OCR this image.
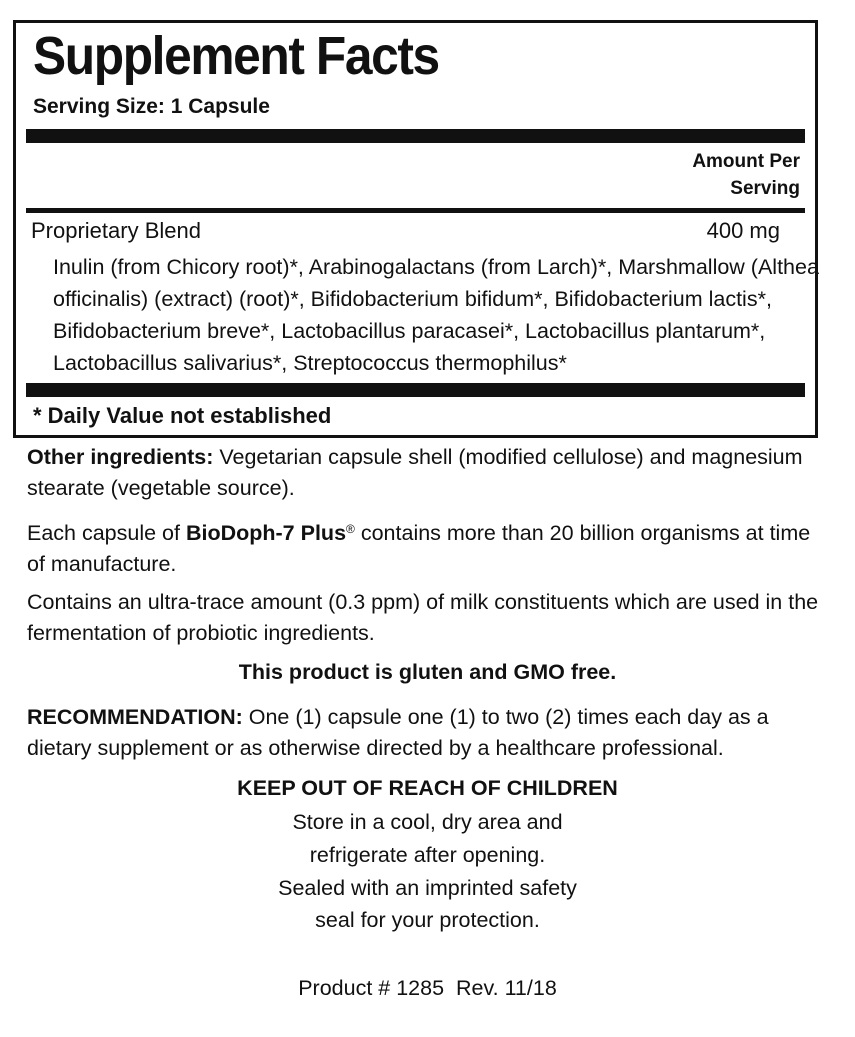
Supplement Facts
Serving Size: 1 Capsule
Amount Per
Serving
Proprietary Blend	400 mg
Inulin (from Chicory root)*, Arabinogalactans (from Larch)*, Marshmallow (Althea officinalis) (extract) (root)*, Bifidobacterium bifidum*, Bifidobacterium lactis*, Bifidobacterium breve*, Lactobacillus paracasei*, Lactobacillus plantarum*, Lactobacillus salivarius*, Streptococcus thermophilus*
* Daily Value not established

Other ingredients: Vegetarian capsule shell (modified cellulose) and magnesium stearate (vegetable source).

Each capsule of BioDoph-7 Plus® contains more than 20 billion organisms at time of manufacture.

Contains an ultra-trace amount (0.3 ppm) of milk constituents which are used in the fermentation of probiotic ingredients.

This product is gluten and GMO free.

RECOMMENDATION: One (1) capsule one (1) to two (2) times each day as a dietary supplement or as otherwise directed by a healthcare professional.

KEEP OUT OF REACH OF CHILDREN
Store in a cool, dry area and
refrigerate after opening.
Sealed with an imprinted safety
seal for your protection.
Product # 1285  Rev. 11/18
